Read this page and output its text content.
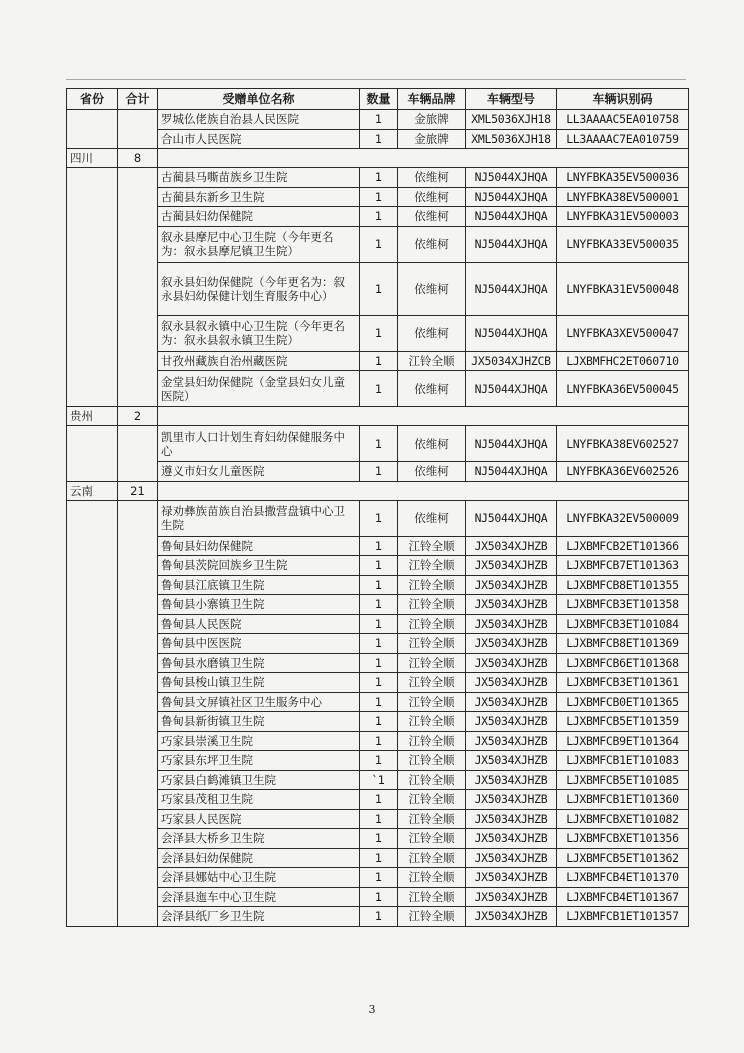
省份	合计	受赠单位名称	数量	车辆品牌	车辆型号	车辆识别码
		罗城仫佬族自治县人民医院	1	金旅牌	XML5036XJH18	LL3AAAAC5EA010758
		合山市人民医院	1	金旅牌	XML5036XJH18	LL3AAAAC7EA010759
四川	8					
		古蔺县马嘶苗族乡卫生院	1	依维柯	NJ5044XJHQA	LNYFBKA35EV500036
		古蔺县东新乡卫生院	1	依维柯	NJ5044XJHQA	LNYFBKA38EV500001
		古蔺县妇幼保健院	1	依维柯	NJ5044XJHQA	LNYFBKA31EV500003
		叙永县摩尼中心卫生院（今年更名为：叙永县摩尼镇卫生院）	1	依维柯	NJ5044XJHQA	LNYFBKA33EV500035
		叙永县妇幼保健院（今年更名为：叙永县妇幼保健计划生育服务中心）	1	依维柯	NJ5044XJHQA	LNYFBKA31EV500048
		叙永县叙永镇中心卫生院（今年更名为：叙永县叙永镇卫生院）	1	依维柯	NJ5044XJHQA	LNYFBKA3XEV500047
		甘孜州藏族自治州藏医院	1	江铃全顺	JX5034XJHZCB	LJXBMFHC2ET060710
		金堂县妇幼保健院（金堂县妇女儿童医院）	1	依维柯	NJ5044XJHQA	LNYFBKA36EV500045
贵州	2					
		凯里市人口计划生育妇幼保健服务中心	1	依维柯	NJ5044XJHQA	LNYFBKA38EV602527
		遵义市妇女儿童医院	1	依维柯	NJ5044XJHQA	LNYFBKA36EV602526
云南	21					
		禄劝彝族苗族自治县撒营盘镇中心卫生院	1	依维柯	NJ5044XJHQA	LNYFBKA32EV500009
		鲁甸县妇幼保健院	1	江铃全顺	JX5034XJHZB	LJXBMFCB2ET101366
		鲁甸县茨院回族乡卫生院	1	江铃全顺	JX5034XJHZB	LJXBMFCB7ET101363
		鲁甸县江底镇卫生院	1	江铃全顺	JX5034XJHZB	LJXBMFCB8ET101355
		鲁甸县小寨镇卫生院	1	江铃全顺	JX5034XJHZB	LJXBMFCB3ET101358
		鲁甸县人民医院	1	江铃全顺	JX5034XJHZB	LJXBMFCB3ET101084
		鲁甸县中医医院	1	江铃全顺	JX5034XJHZB	LJXBMFCB8ET101369
		鲁甸县水磨镇卫生院	1	江铃全顺	JX5034XJHZB	LJXBMFCB6ET101368
		鲁甸县梭山镇卫生院	1	江铃全顺	JX5034XJHZB	LJXBMFCB3ET101361
		鲁甸县文屏镇社区卫生服务中心	1	江铃全顺	JX5034XJHZB	LJXBMFCB0ET101365
		鲁甸县新街镇卫生院	1	江铃全顺	JX5034XJHZB	LJXBMFCB5ET101359
		巧家县崇溪卫生院	1	江铃全顺	JX5034XJHZB	LJXBMFCB9ET101364
		巧家县东坪卫生院	1	江铃全顺	JX5034XJHZB	LJXBMFCB1ET101083
		巧家县白鹤滩镇卫生院	`1	江铃全顺	JX5034XJHZB	LJXBMFCB5ET101085
		巧家县茂租卫生院	1	江铃全顺	JX5034XJHZB	LJXBMFCB1ET101360
		巧家县人民医院	1	江铃全顺	JX5034XJHZB	LJXBMFCBXET101082
		会泽县大桥乡卫生院	1	江铃全顺	JX5034XJHZB	LJXBMFCBXET101356
		会泽县妇幼保健院	1	江铃全顺	JX5034XJHZB	LJXBMFCB5ET101362
		会泽县娜姑中心卫生院	1	江铃全顺	JX5034XJHZB	LJXBMFCB4ET101370
		会泽县迤车中心卫生院	1	江铃全顺	JX5034XJHZB	LJXBMFCB4ET101367
		会泽县纸厂乡卫生院	1	江铃全顺	JX5034XJHZB	LJXBMFCB1ET101357
3
